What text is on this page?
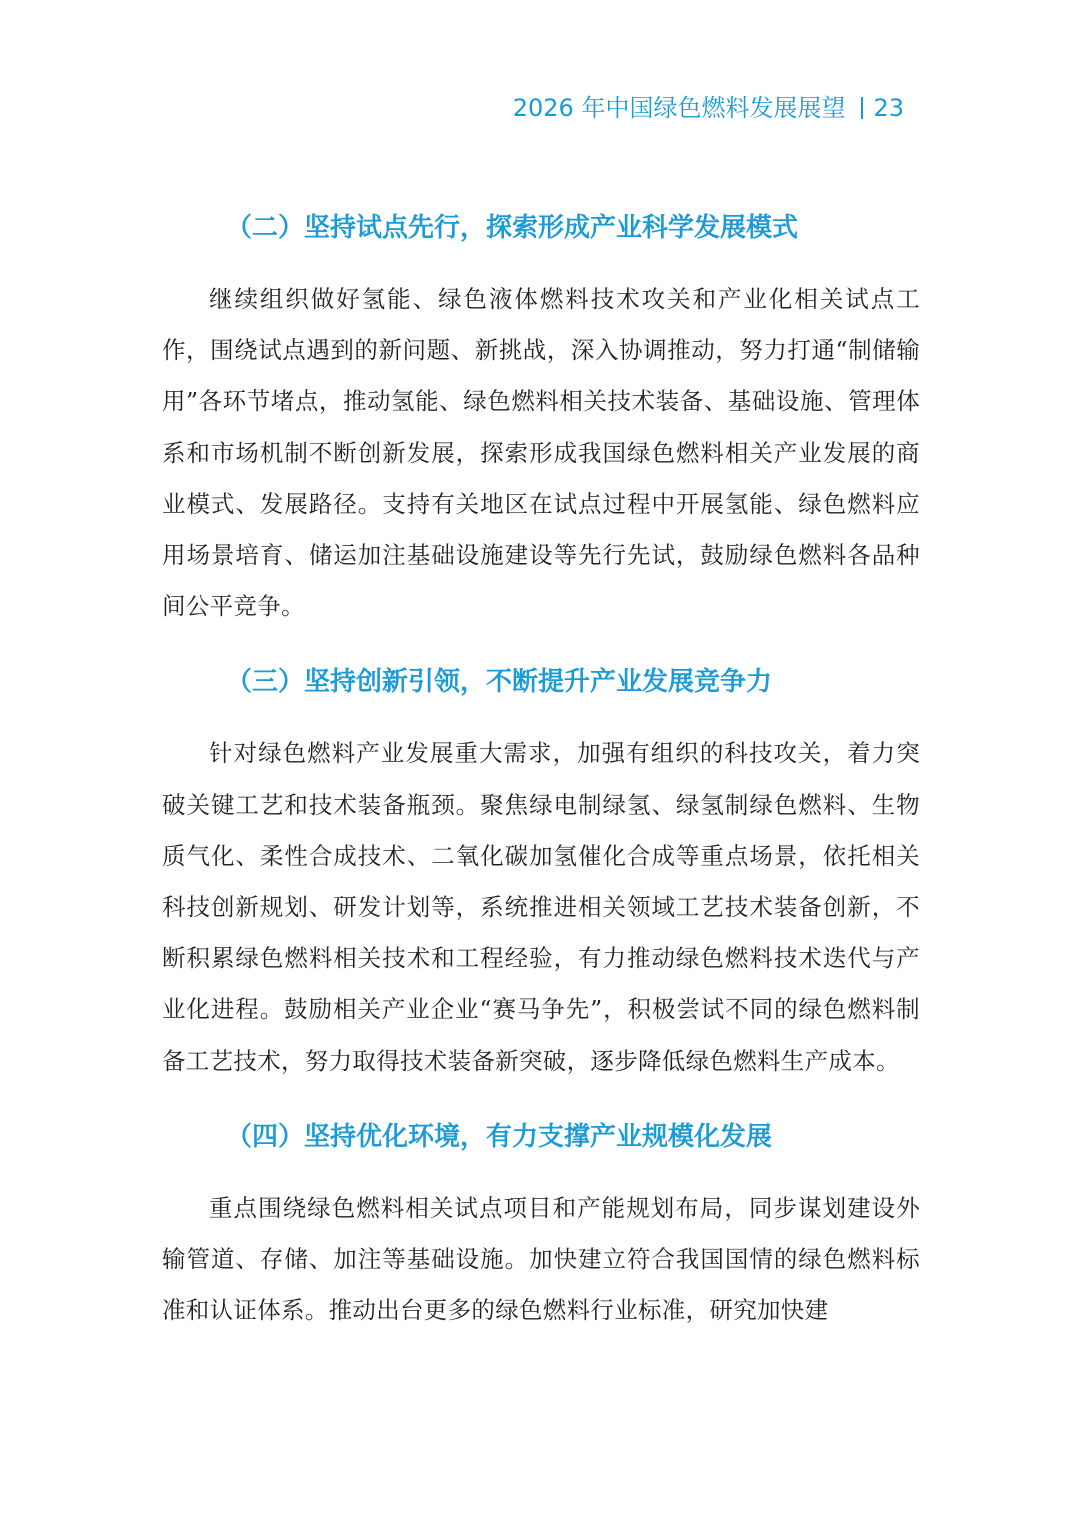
2026 年中国绿色燃料发展展望 23
（二）坚持试点先行，探索形成产业科学发展模式

继续组织做好氢能、绿色液体燃料技术攻关和产业化相关试点工作，围绕试点遇到的新问题、新挑战，深入协调推动，努力打通“制储输用”各环节堵点，推动氢能、绿色燃料相关技术装备、基础设施、管理体系和市场机制不断创新发展，探索形成我国绿色燃料相关产业发展的商业模式、发展路径。支持有关地区在试点过程中开展氢能、绿色燃料应用场景培育、储运加注基础设施建设等先行先试，鼓励绿色燃料各品种间公平竞争。

（三）坚持创新引领，不断提升产业发展竞争力

针对绿色燃料产业发展重大需求，加强有组织的科技攻关，着力突破关键工艺和技术装备瓶颈。聚焦绿电制绿氢、绿氢制绿色燃料、生物质气化、柔性合成技术、二氧化碳加氢催化合成等重点场景，依托相关科技创新规划、研发计划等，系统推进相关领域工艺技术装备创新，不断积累绿色燃料相关技术和工程经验，有力推动绿色燃料技术迭代与产业化进程。鼓励相关产业企业“赛马争先”，积极尝试不同的绿色燃料制备工艺技术，努力取得技术装备新突破，逐步降低绿色燃料生产成本。

（四）坚持优化环境，有力支撑产业规模化发展

重点围绕绿色燃料相关试点项目和产能规划布局，同步谋划建设外输管道、存储、加注等基础设施。加快建立符合我国国情的绿色燃料标准和认证体系。推动出台更多的绿色燃料行业标准，研究加快建
